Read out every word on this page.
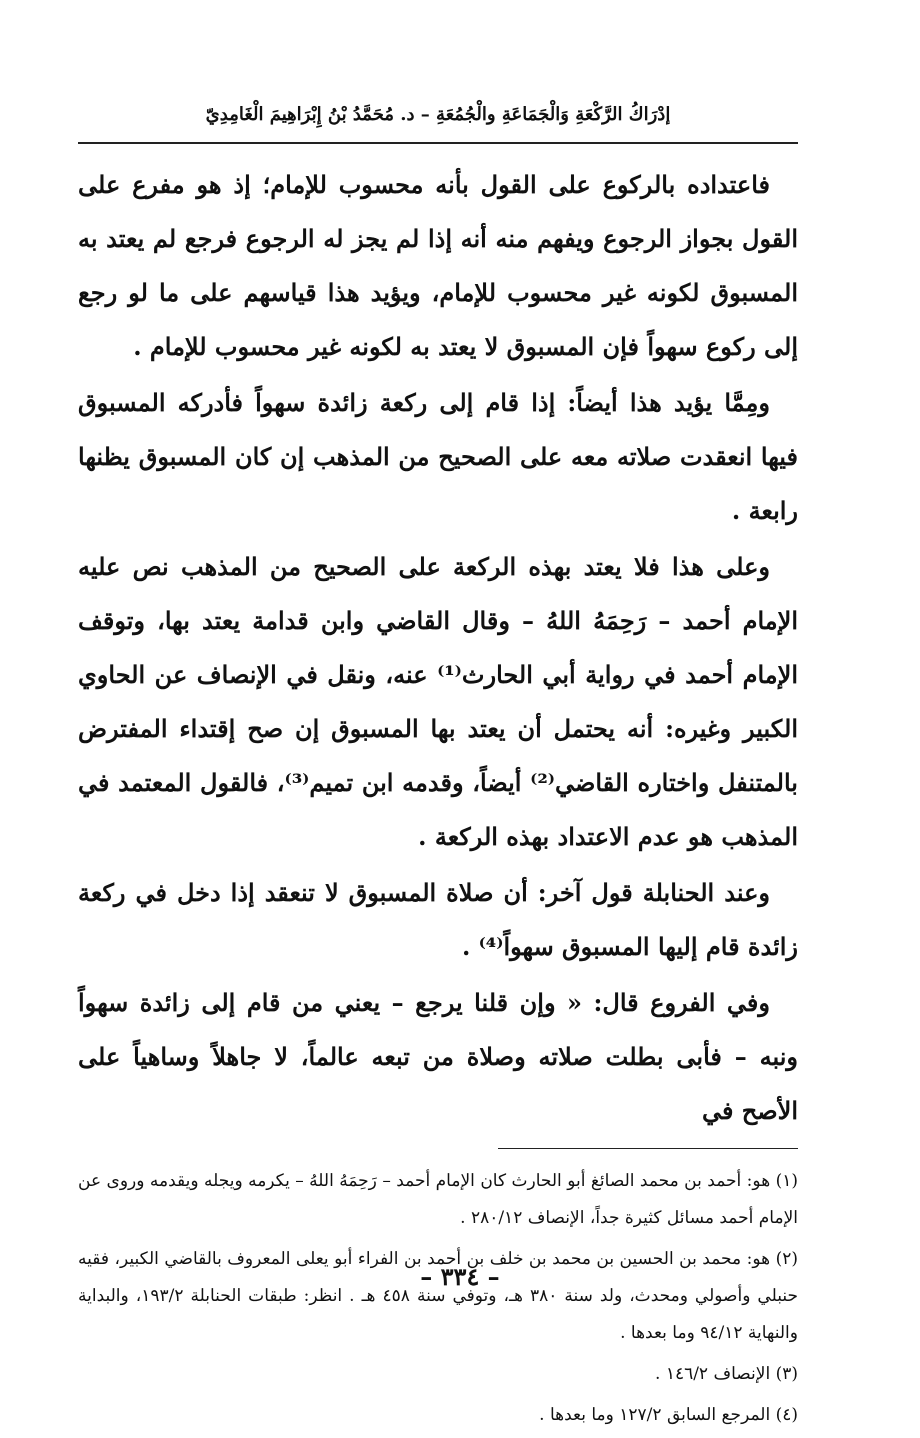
إدْرَاكُ الرَّكْعَةِ وَالْجَمَاعَةِ والْجُمُعَةِ – د. مُحَمَّدُ بْنُ إِبْرَاهِيمَ الْغَامِدِيّ

فاعتداده بالركوع على القول بأنه محسوب للإمام؛ إذ هو مفرع على القول بجواز الرجوع ويفهم منه أنه إذا لم يجز له الرجوع فرجع لم يعتد به المسبوق لكونه غير محسوب للإمام، ويؤيد هذا قياسهم على ما لو رجع إلى ركوع سهواً فإن المسبوق لا يعتد به لكونه غير محسوب للإمام .

ومِمَّا يؤيد هذا أيضاً: إذا قام إلى ركعة زائدة سهواً فأدركه المسبوق فيها انعقدت صلاته معه على الصحيح من المذهب إن كان المسبوق يظنها رابعة .

وعلى هذا فلا يعتد بهذه الركعة على الصحيح من المذهب نص عليه الإمام أحمد – رَحِمَهُ اللهُ – وقال القاضي وابن قدامة يعتد بها، وتوقف الإمام أحمد في رواية أبي الحارث⁽¹⁾ عنه، ونقل في الإنصاف عن الحاوي الكبير وغيره: أنه يحتمل أن يعتد بها المسبوق إن صح إقتداء المفترض بالمتنفل واختاره القاضي⁽²⁾ أيضاً، وقدمه ابن تميم⁽³⁾، فالقول المعتمد في المذهب هو عدم الاعتداد بهذه الركعة .

وعند الحنابلة قول آخر: أن صلاة المسبوق لا تنعقد إذا دخل في ركعة زائدة قام إليها المسبوق سهواً⁽⁴⁾ .

وفي الفروع قال: « وإن قلنا يرجع – يعني من قام إلى زائدة سهواً ونبه – فأبى بطلت صلاته وصلاة من تبعه عالماً، لا جاهلاً وساهياً على الأصح في

(١) هو: أحمد بن محمد الصائغ أبو الحارث كان الإمام أحمد – رَحِمَهُ اللهُ – يكرمه ويجله ويقدمه وروى عن الإمام أحمد مسائل كثيرة جداً، الإنصاف ٢٨٠/١٢ .
(٢) هو: محمد بن الحسين بن محمد بن خلف بن أحمد بن الفراء أبو يعلى المعروف بالقاضي الكبير، فقيه حنبلي وأصولي ومحدث، ولد سنة ٣٨٠ هـ، وتوفي سنة ٤٥٨ هـ . انظر: طبقات الحنابلة ١٩٣/٢، والبداية والنهاية ٩٤/١٢ وما بعدها .
(٣) الإنصاف ١٤٦/٢ .
(٤) المرجع السابق ١٢٧/٢ وما بعدها .
– ٣٣٤ –
